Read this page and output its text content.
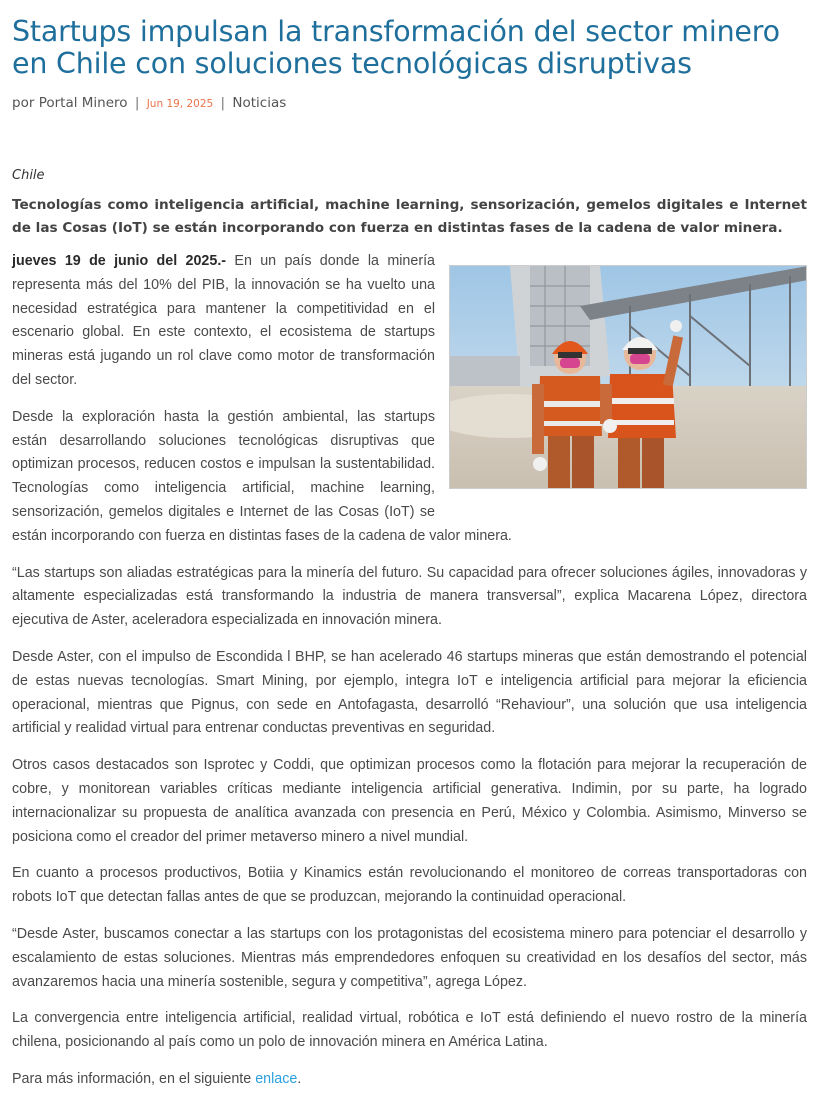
Startups impulsan la transformación del sector minero en Chile con soluciones tecnológicas disruptivas
por Portal Minero | Jun 19, 2025 | Noticias
Chile
Tecnologías como inteligencia artificial, machine learning, sensorización, gemelos digitales e Internet de las Cosas (IoT) se están incorporando con fuerza en distintas fases de la cadena de valor minera.

jueves 19 de junio del 2025.- En un país donde la minería representa más del 10% del PIB, la innovación se ha vuelto una necesidad estratégica para mantener la competitividad en el escenario global. En este contexto, el ecosistema de startups mineras está jugando un rol clave como motor de transformación del sector.

Desde la exploración hasta la gestión ambiental, las startups están desarrollando soluciones tecnológicas disruptivas que optimizan procesos, reducen costos e impulsan la sustentabilidad. Tecnologías como inteligencia artificial, machine learning, sensorización, gemelos digitales e Internet de las Cosas (IoT) se están incorporando con fuerza en distintas fases de la cadena de valor minera.

“Las startups son aliadas estratégicas para la minería del futuro. Su capacidad para ofrecer soluciones ágiles, innovadoras y altamente especializadas está transformando la industria de manera transversal”, explica Macarena López, directora ejecutiva de Aster, aceleradora especializada en innovación minera.

Desde Aster, con el impulso de Escondida l BHP, se han acelerado 46 startups mineras que están demostrando el potencial de estas nuevas tecnologías. Smart Mining, por ejemplo, integra IoT e inteligencia artificial para mejorar la eficiencia operacional, mientras que Pignus, con sede en Antofagasta, desarrolló “Rehaviour”, una solución que usa inteligencia artificial y realidad virtual para entrenar conductas preventivas en seguridad.

Otros casos destacados son Isprotec y Coddi, que optimizan procesos como la flotación para mejorar la recuperación de cobre, y monitorean variables críticas mediante inteligencia artificial generativa. Indimin, por su parte, ha logrado internacionalizar su propuesta de analítica avanzada con presencia en Perú, México y Colombia. Asimismo, Minverso se posiciona como el creador del primer metaverso minero a nivel mundial.

En cuanto a procesos productivos, Botiia y Kinamics están revolucionando el monitoreo de correas transportadoras con robots IoT que detectan fallas antes de que se produzcan, mejorando la continuidad operacional.

“Desde Aster, buscamos conectar a las startups con los protagonistas del ecosistema minero para potenciar el desarrollo y escalamiento de estas soluciones. Mientras más emprendedores enfoquen su creatividad en los desafíos del sector, más avanzaremos hacia una minería sostenible, segura y competitiva”, agrega López.

La convergencia entre inteligencia artificial, realidad virtual, robótica e IoT está definiendo el nuevo rostro de la minería chilena, posicionando al país como un polo de innovación minera en América Latina.

Para más información, en el siguiente enlace.
